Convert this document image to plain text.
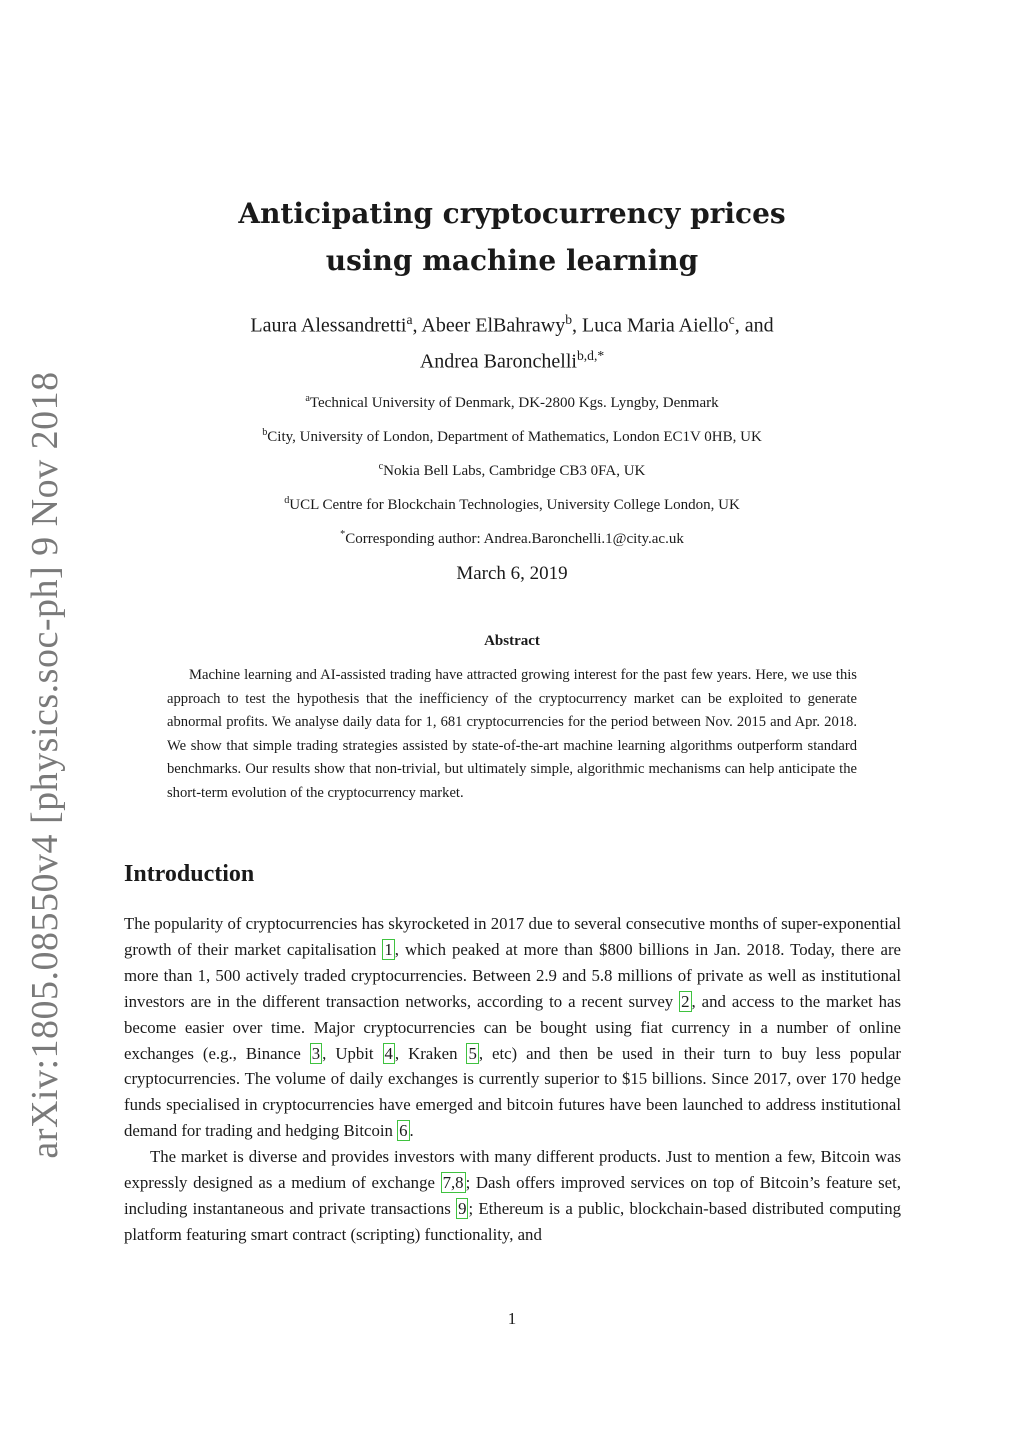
arXiv:1805.08550v4 [physics.soc-ph] 9 Nov 2018
Anticipating cryptocurrency prices
using machine learning
Laura Alessandretti$^a$, Abeer ElBahrawy$^b$, Luca Maria Aiello$^c$, and
Andrea Baronchelli$^{b,d,*}$
$^a$Technical University of Denmark, DK-2800 Kgs. Lyngby, Denmark
$^b$City, University of London, Department of Mathematics, London EC1V 0HB, UK
$^c$Nokia Bell Labs, Cambridge CB3 0FA, UK
$^d$UCL Centre for Blockchain Technologies, University College London, UK
*Corresponding author: Andrea.Baronchelli.1@city.ac.uk
March 6, 2019
Abstract
Machine learning and AI-assisted trading have attracted growing interest for the past few years. Here, we use this approach to test the hypothesis that the inefficiency of the cryptocurrency market can be exploited to generate abnormal profits. We analyse daily data for 1, 681 cryptocurrencies for the period between Nov. 2015 and Apr. 2018. We show that simple trading strategies assisted by state-of-the-art machine learning algorithms outperform standard benchmarks. Our results show that non-trivial, but ultimately simple, algorithmic mechanisms can help anticipate the short-term evolution of the cryptocurrency market.
Introduction

The popularity of cryptocurrencies has skyrocketed in 2017 due to several consecutive months of super-exponential growth of their market capitalisation 1 , which peaked at more than $800 billions in Jan. 2018. Today, there are more than 1, 500 actively traded cryptocurrencies. Between 2.9 and 5.8 millions of private as well as institutional investors are in the different transaction networks, according to a recent survey 2 , and access to the market has become easier over time. Major cryptocurrencies can be bought using fiat currency in a number of online exchanges (e.g., Binance 3 , Upbit 4 , Kraken 5 , etc) and then be used in their turn to buy less popular cryptocurrencies. The volume of daily exchanges is currently superior to $15 billions. Since 2017, over 170 hedge funds specialised in cryptocurrencies have emerged and bitcoin futures have been launched to address institutional demand for trading and hedging Bitcoin 6 .

The market is diverse and provides investors with many different products. Just to mention a few, Bitcoin was expressly designed as a medium of exchange 7,8 ; Dash offers improved services on top of Bitcoin’s feature set, including instantaneous and private transactions 9 ; Ethereum is a public, blockchain-based distributed computing platform featuring smart contract (scripting) functionality, and

1
